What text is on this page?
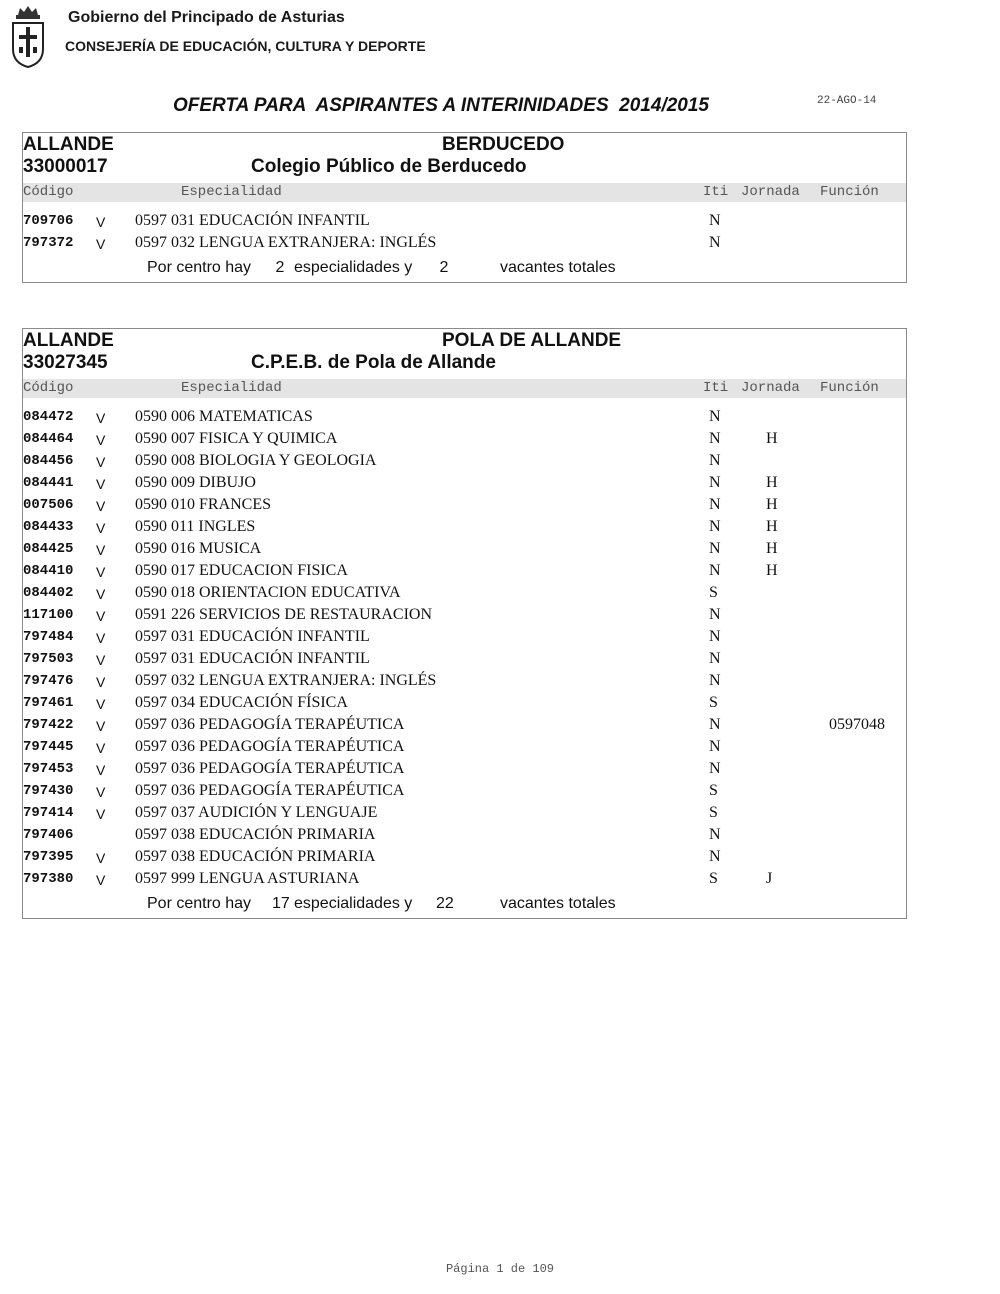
Gobierno del Principado de Asturias
CONSEJERÍA DE EDUCACIÓN, CULTURA Y DEPORTE
OFERTA PARA  ASPIRANTES A INTERINIDADES  2014/2015	22-AGO-14
ALLANDE	BERDUCEDO
33000017	Colegio Público de Berducedo
Código	Especialidad	Iti Jornada Función
709706 V 0597 031 EDUCACIÓN INFANTIL	N
797372 V 0597 032 LENGUA EXTRANJERA: INGLÉS	N
Por centro hay 2 especialidades y 2	vacantes totales
ALLANDE	POLA DE ALLANDE
33027345	C.P.E.B. de Pola de Allande
Código	Especialidad	Iti Jornada Función
084472 V 0590 006 MATEMATICAS	N
084464 V 0590 007 FISICA Y QUIMICA	N	H
084456 V 0590 008 BIOLOGIA Y GEOLOGIA	N
084441 V 0590 009 DIBUJO	N	H
007506 V 0590 010 FRANCES	N	H
084433 V 0590 011 INGLES	N	H
084425 V 0590 016 MUSICA	N	H
084410 V 0590 017 EDUCACION FISICA	N	H
084402 V 0590 018 ORIENTACION EDUCATIVA	S
117100 V 0591 226 SERVICIOS DE RESTAURACION	N
797484 V 0597 031 EDUCACIÓN INFANTIL	N
797503 V 0597 031 EDUCACIÓN INFANTIL	N
797476 V 0597 032 LENGUA EXTRANJERA: INGLÉS	N
797461 V 0597 034 EDUCACIÓN FÍSICA	S
797422 V 0597 036 PEDAGOGÍA TERAPÉUTICA	N	0597048
797445 V 0597 036 PEDAGOGÍA TERAPÉUTICA	N
797453 V 0597 036 PEDAGOGÍA TERAPÉUTICA	N
797430 V 0597 036 PEDAGOGÍA TERAPÉUTICA	S
797414 V 0597 037 AUDICIÓN Y LENGUAJE	S
797406	0597 038 EDUCACIÓN PRIMARIA	N
797395 V 0597 038 EDUCACIÓN PRIMARIA	N
797380 V 0597 999 LENGUA ASTURIANA	S	J
Por centro hay 17 especialidades y 22	vacantes totales
Página 1 de 109
